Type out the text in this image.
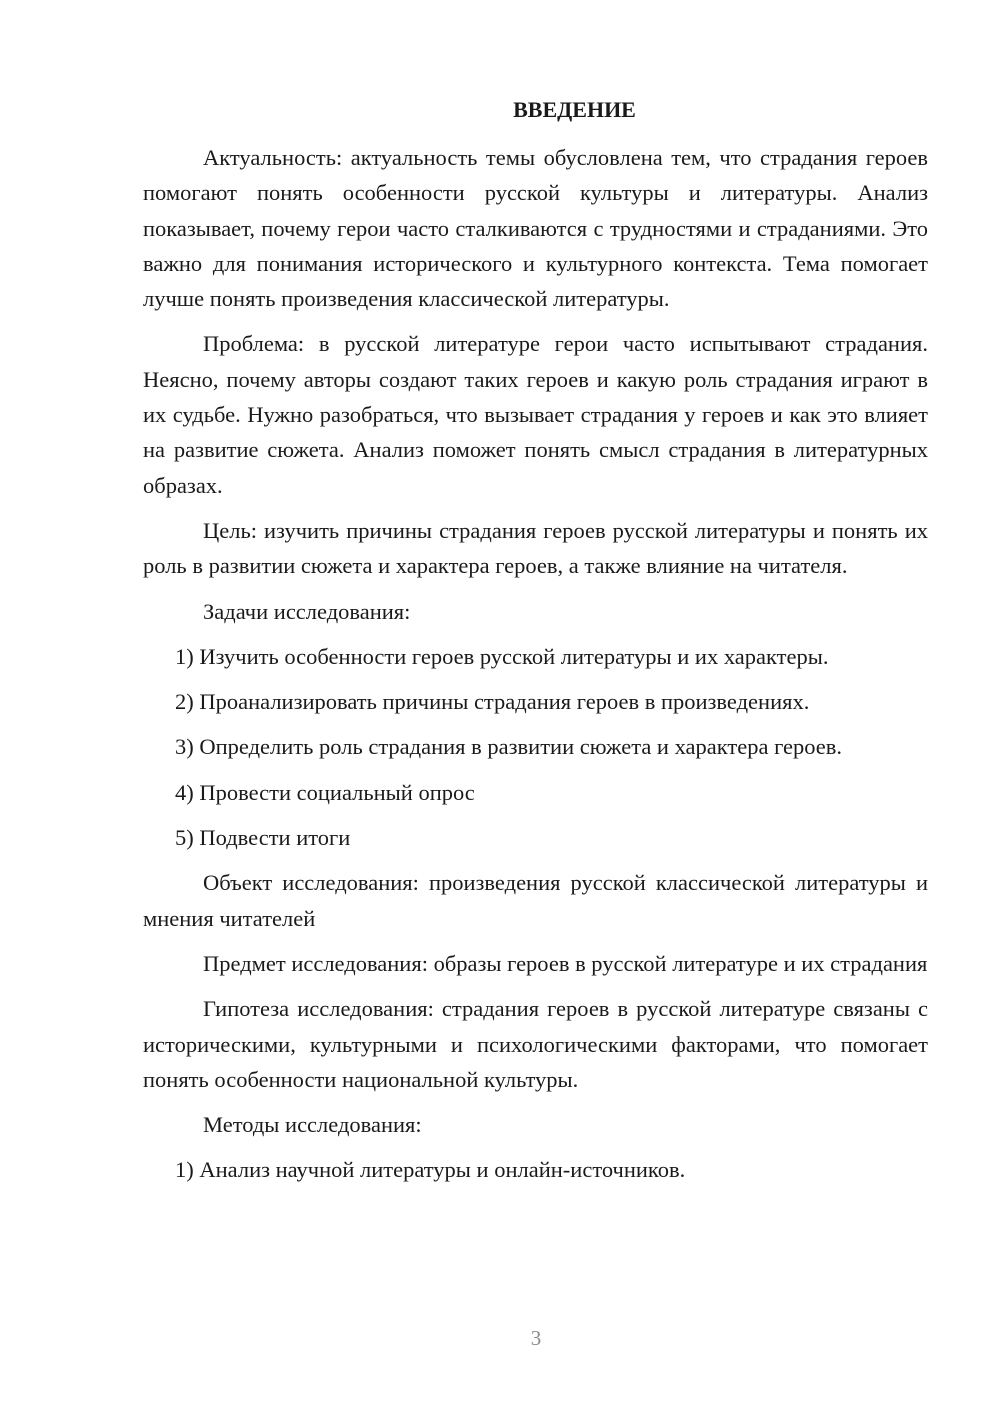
ВВЕДЕНИЕ

Актуальность: актуальность темы обусловлена тем, что страдания героев помогают понять особенности русской культуры и литературы. Анализ показывает, почему герои часто сталкиваются с трудностями и страданиями. Это важно для понимания исторического и культурного контекста. Тема помогает лучше понять произведения классической литературы.

Проблема: в русской литературе герои часто испытывают страдания. Неясно, почему авторы создают таких героев и какую роль страдания играют в их судьбе. Нужно разобраться, что вызывает страдания у героев и как это влияет на развитие сюжета. Анализ поможет понять смысл страдания в литературных образах.

Цель: изучить причины страдания героев русской литературы и понять их роль в развитии сюжета и характера героев, а также влияние на читателя.

Задачи исследования:

1) Изучить особенности героев русской литературы и их характеры.
2) Проанализировать причины страдания героев в произведениях.
3) Определить роль страдания в развитии сюжета и характера героев.
4) Провести социальный опрос
5) Подвести итоги

Объект исследования: произведения русской классической литературы и мнения читателей

Предмет исследования: образы героев в русской литературе и их страдания

Гипотеза исследования: страдания героев в русской литературе связаны с историческими, культурными и психологическими факторами, что помогает понять особенности национальной культуры.

Методы исследования:

1) Анализ научной литературы и онлайн-источников.
3
